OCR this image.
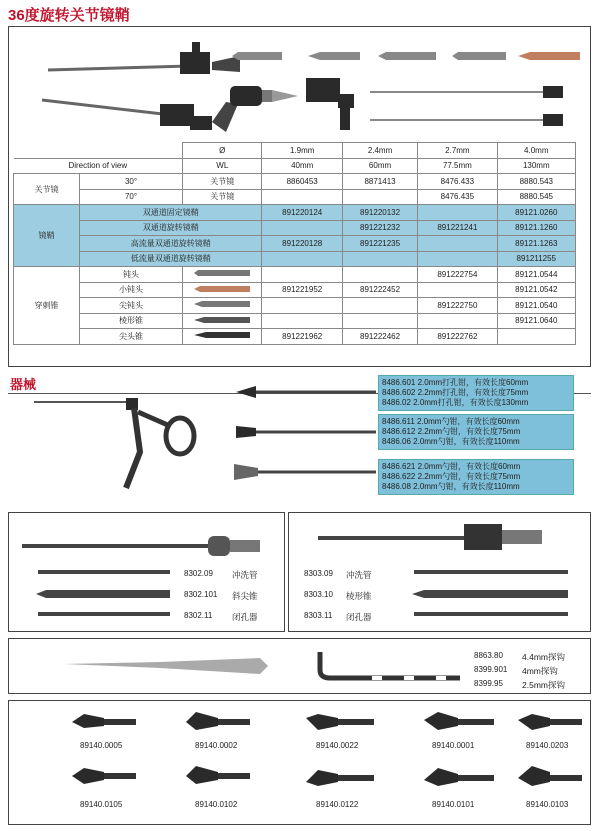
36度旋转关节镜鞘
		Ø	1.9mm	2.4mm	2.7mm	4.0mm
Direction of view		WL	40mm	60mm	77.5mm	130mm
关节镜	30°	关节镜	8860453	8871413	8476.433	8880.543
	70°	关节镜			8476.435	8880.545
镜鞘	双通道固定镜鞘		891220124	891220132		89121.0260
	双通道旋转镜鞘			891221232	891221241	89121.1260
	高流量双通道旋转镜鞘		891220128	891221235		89121.1263
	低流量双通道旋转镜鞘					891211255
穿刺锥	钝头				891222754	89121.0544
	小钝头		891221952	891222452		89121.0542
	尖钝头				891222750	89121.0540
	棱形锥					89121.0640
	尖头锥		891221962	891222462	891222762	
器械	8486.601 2.0mm打孔钳，有效长度60mm
8486.602 2.2mm打孔钳，有效长度75mm
8486.02 2.0mm打孔钳，有效长度130mm
8486.611 2.0mm勺钳，有效长度60mm
8486.612 2.2mm勺钳，有效长度75mm
8486.06 2.0mm勺钳，有效长度110mm
8486.621 2.0mm勺钳，有效长度60mm
8486.622 2.2mm勺钳，有效长度75mm
8486.08 2.0mm勺钳，有效长度110mm
8302.09 冲洗管
8302.101 斜尖锥
8302.11 闭孔器
8303.09 冲洗管
8303.10 棱形锥
8303.11 闭孔器
8863.80 4.4mm探钩
8399.901 4mm探钩
8399.95 2.5mm探钩
89140.0005	89140.0002	89140.0022	89140.0001	89140.0203
89140.0105	89140.0102	89140.0122	89140.0101	89140.0103
